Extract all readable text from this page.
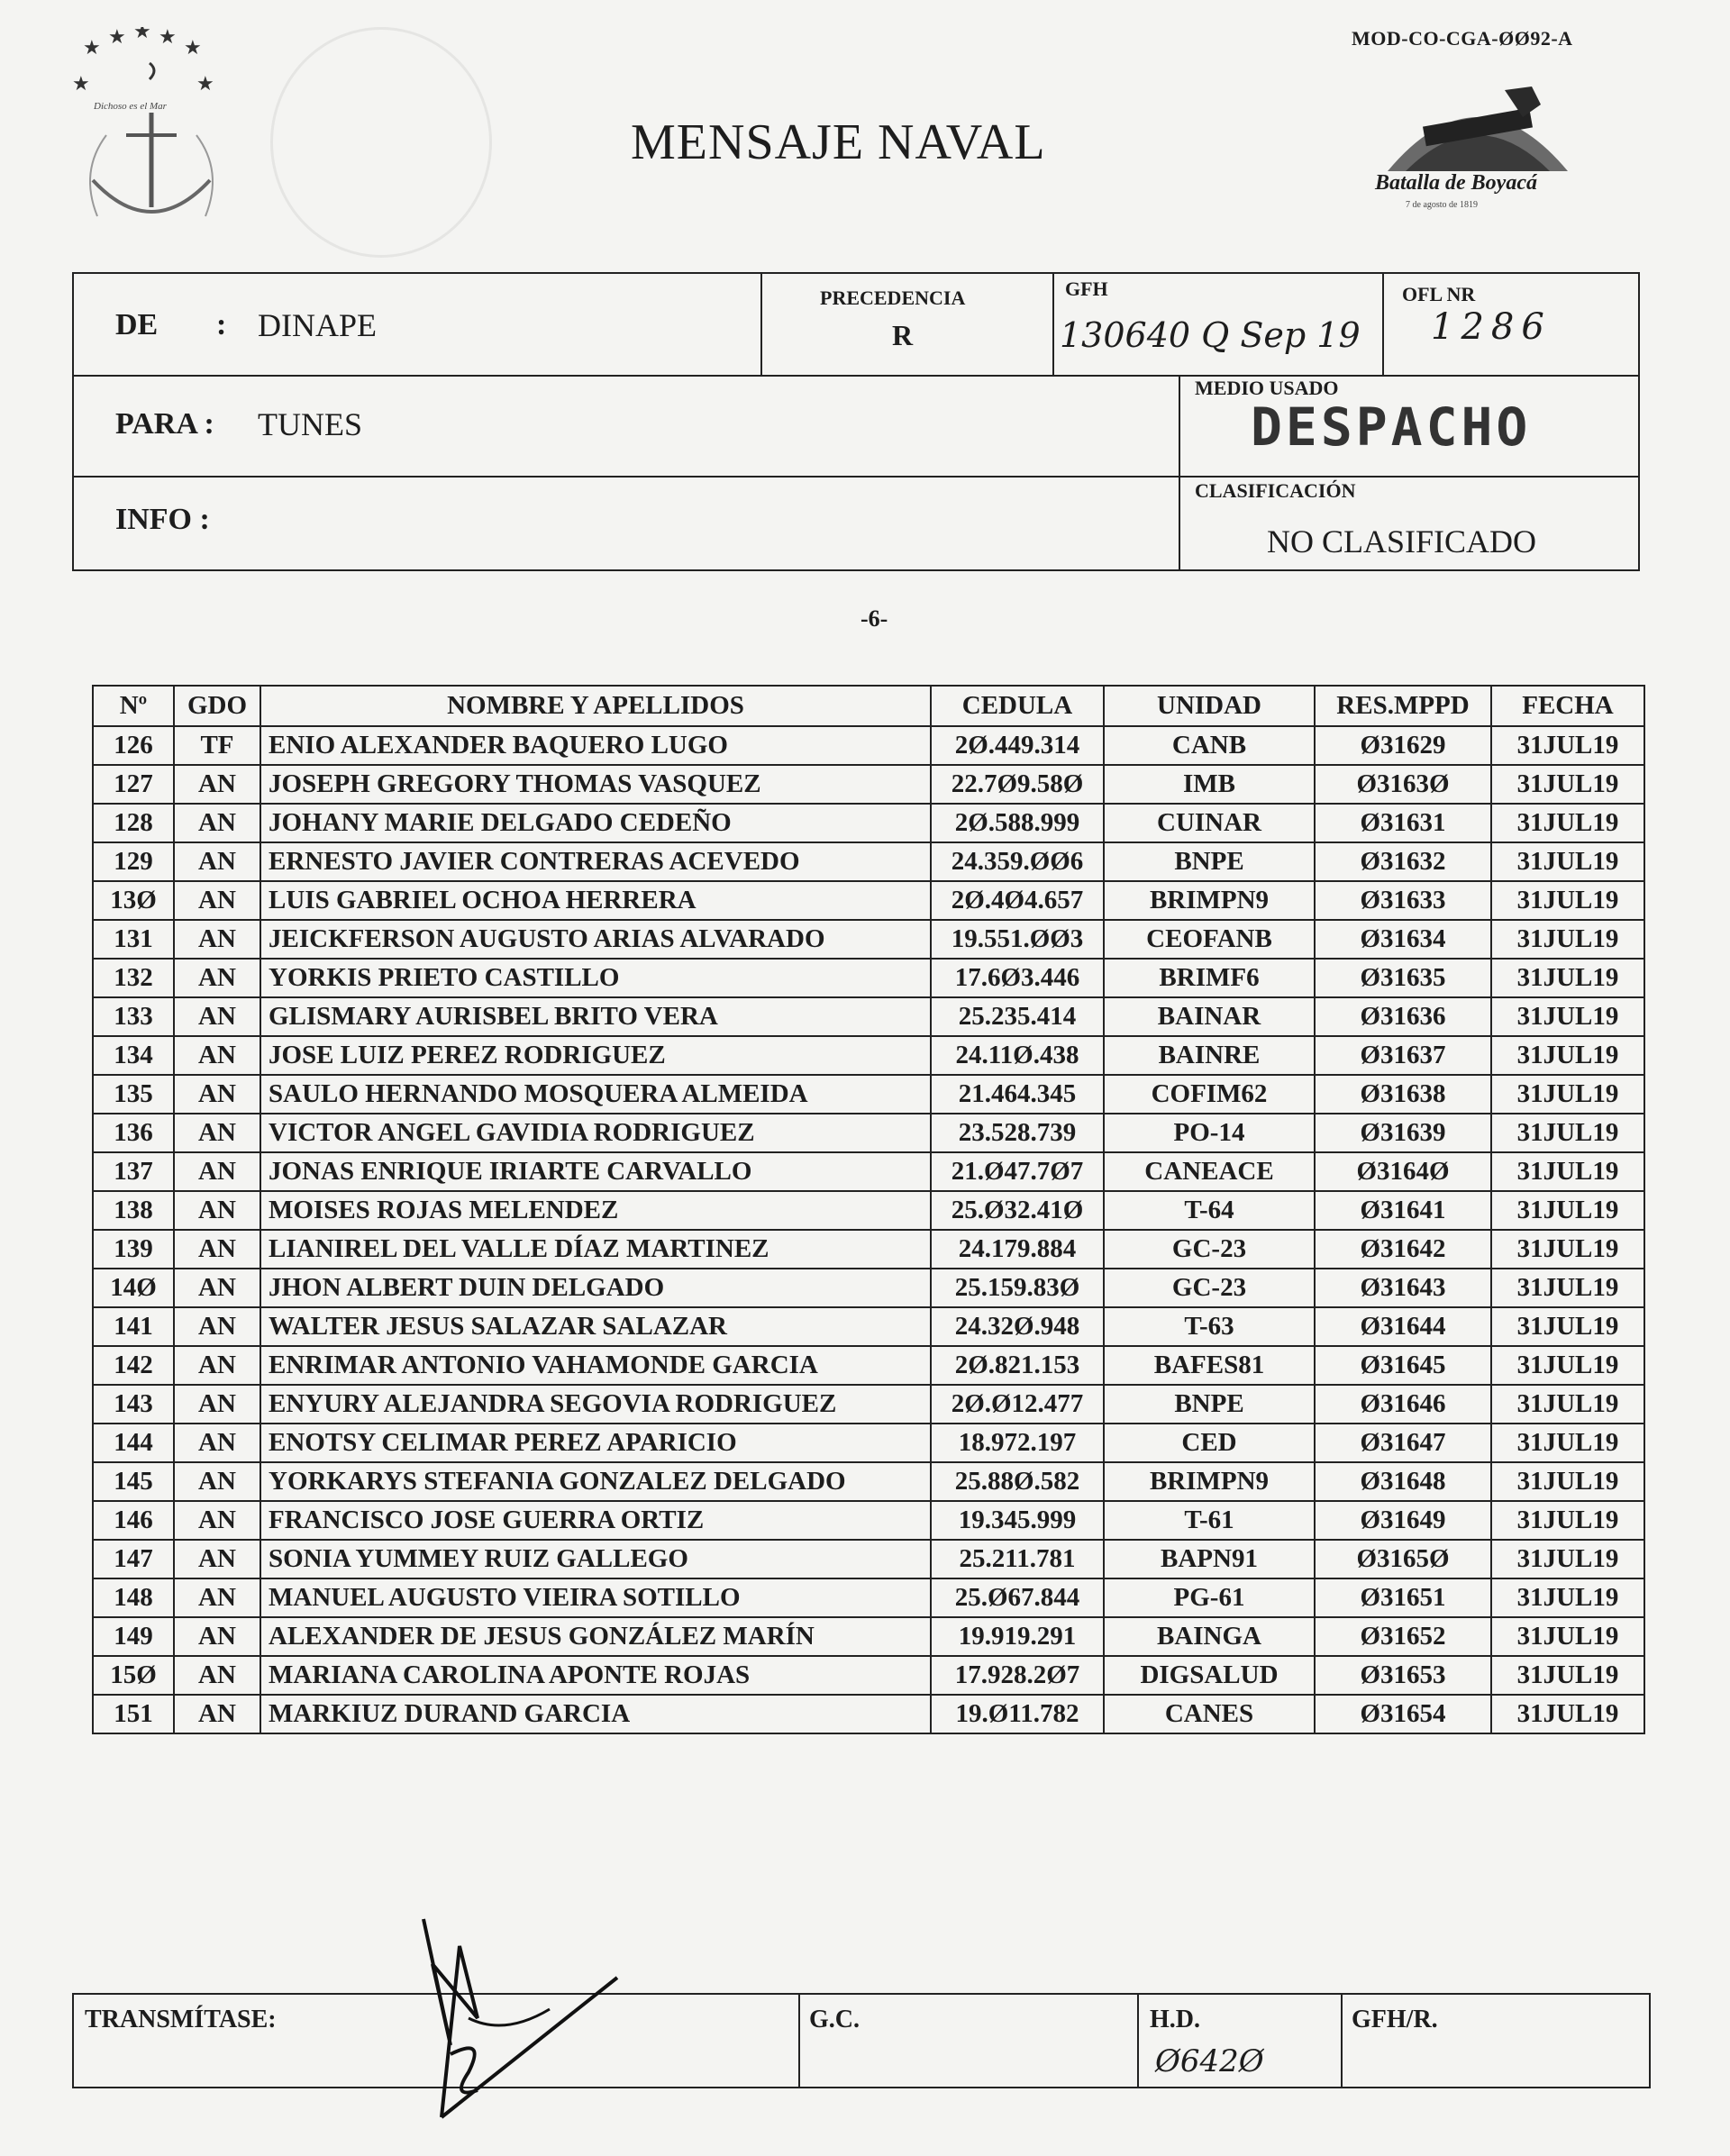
★ ★ ★ ★ ★
★	★
Dichoso es el Mar
MOD-CO-CGA-ØØ92-A
MENSAJE NAVAL
Batalla de Boyacá
7 de agosto de 1819
DE : DINAPE
PRECEDENCIA
R
GFH
130640 Q Sep 19
OFL NR
1286
PARA : TUNES
MEDIO USADO
DESPACHO
INFO :
CLASIFICACIÓN
NO CLASIFICADO
-6-
Nº	GDO	NOMBRE Y APELLIDOS	CEDULA	UNIDAD	RES.MPPD	FECHA
126	TF	ENIO ALEXANDER BAQUERO LUGO	2Ø.449.314	CANB	Ø31629	31JUL19
127	AN	JOSEPH GREGORY THOMAS VASQUEZ	22.7Ø9.58Ø	IMB	Ø3163Ø	31JUL19
128	AN	JOHANY MARIE DELGADO CEDEÑO	2Ø.588.999	CUINAR	Ø31631	31JUL19
129	AN	ERNESTO JAVIER CONTRERAS ACEVEDO	24.359.ØØ6	BNPE	Ø31632	31JUL19
13Ø	AN	LUIS GABRIEL OCHOA HERRERA	2Ø.4Ø4.657	BRIMPN9	Ø31633	31JUL19
131	AN	JEICKFERSON AUGUSTO ARIAS ALVARADO	19.551.ØØ3	CEOFANB	Ø31634	31JUL19
132	AN	YORKIS PRIETO CASTILLO	17.6Ø3.446	BRIMF6	Ø31635	31JUL19
133	AN	GLISMARY AURISBEL BRITO VERA	25.235.414	BAINAR	Ø31636	31JUL19
134	AN	JOSE LUIZ PEREZ RODRIGUEZ	24.11Ø.438	BAINRE	Ø31637	31JUL19
135	AN	SAULO HERNANDO MOSQUERA ALMEIDA	21.464.345	COFIM62	Ø31638	31JUL19
136	AN	VICTOR ANGEL GAVIDIA RODRIGUEZ	23.528.739	PO-14	Ø31639	31JUL19
137	AN	JONAS ENRIQUE IRIARTE CARVALLO	21.Ø47.7Ø7	CANEACE	Ø3164Ø	31JUL19
138	AN	MOISES ROJAS MELENDEZ	25.Ø32.41Ø	T-64	Ø31641	31JUL19
139	AN	LIANIREL DEL VALLE DÍAZ MARTINEZ	24.179.884	GC-23	Ø31642	31JUL19
14Ø	AN	JHON ALBERT DUIN DELGADO	25.159.83Ø	GC-23	Ø31643	31JUL19
141	AN	WALTER JESUS SALAZAR SALAZAR	24.32Ø.948	T-63	Ø31644	31JUL19
142	AN	ENRIMAR ANTONIO VAHAMONDE GARCIA	2Ø.821.153	BAFES81	Ø31645	31JUL19
143	AN	ENYURY ALEJANDRA SEGOVIA RODRIGUEZ	2Ø.Ø12.477	BNPE	Ø31646	31JUL19
144	AN	ENOTSY CELIMAR PEREZ APARICIO	18.972.197	CED	Ø31647	31JUL19
145	AN	YORKARYS STEFANIA GONZALEZ DELGADO	25.88Ø.582	BRIMPN9	Ø31648	31JUL19
146	AN	FRANCISCO JOSE GUERRA ORTIZ	19.345.999	T-61	Ø31649	31JUL19
147	AN	SONIA YUMMEY RUIZ GALLEGO	25.211.781	BAPN91	Ø3165Ø	31JUL19
148	AN	MANUEL AUGUSTO VIEIRA SOTILLO	25.Ø67.844	PG-61	Ø31651	31JUL19
149	AN	ALEXANDER DE JESUS GONZÁLEZ MARÍN	19.919.291	BAINGA	Ø31652	31JUL19
15Ø	AN	MARIANA CAROLINA APONTE ROJAS	17.928.2Ø7	DIGSALUD	Ø31653	31JUL19
151	AN	MARKIUZ DURAND GARCIA	19.Ø11.782	CANES	Ø31654	31JUL19
TRANSMÍTASE:	G.C.	H.D.
Ø642Ø
GFH/R.
